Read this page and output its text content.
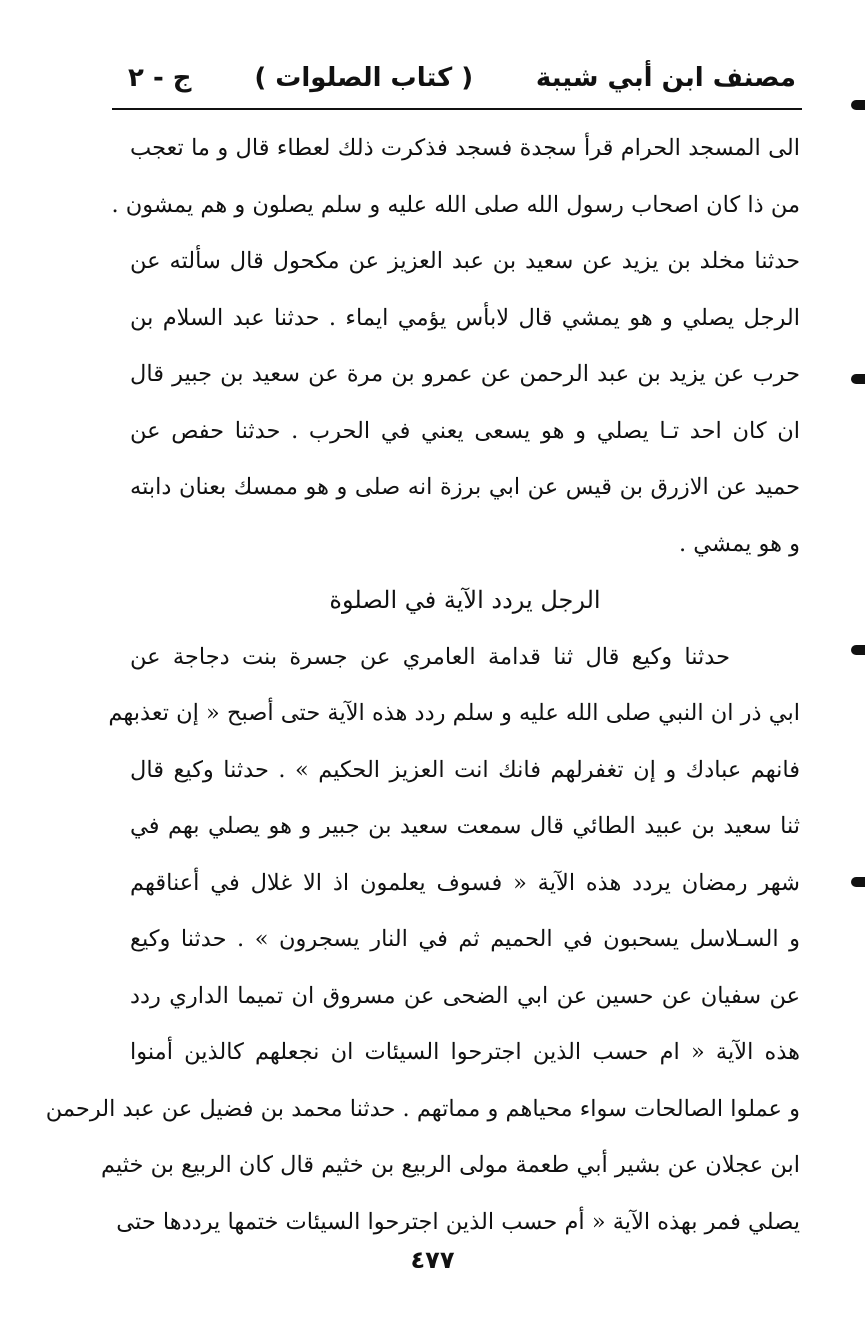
مصنف ابن أبي شيبة
( كتاب الصلوات )
ج - ٢
الى المسجد الحرام قرأ سجدة فسجد فذكرت ذلك لعطاء قال و ما تعجب
من ذا كان اصحاب رسول الله صلى الله عليه و سلم يصلون و هم يمشون .
حدثنا مخلد بن يزيد عن سعيد بن عبد العزيز عن مكحول قال سألته عن
الرجل يصلي و هو يمشي قال لابأس يؤمي ايماء . حدثنا عبد السلام بن
حرب عن يزيد بن عبد الرحمن عن عمرو بن مرة عن سعيد بن جبير قال
ان كان احد تـا يصلي و هو يسعى يعني في الحرب . حدثنا حفص عن
حميد عن الازرق بن قيس عن ابي برزة انه صلى و هو ممسك بعنان دابته
و هو يمشي .
الرجل يردد الآية في الصلوة
حدثنا وكيع قال ثنا قدامة العامري عن جسرة بنت دجاجة عن
ابي ذر ان النبي صلى الله عليه و سلم ردد هذه الآية حتى أصبح « إن تعذبهم
فانهم عبادك و إن تغفرلهم فانك انت العزيز الحكيم » . حدثنا وكيع قال
ثنا سعيد بن عبيد الطائي قال سمعت سعيد بن جبير و هو يصلي بهم في
شهر رمضان يردد هذه الآية « فسوف يعلمون اذ الا غلال في أعناقهم
و السـلاسل يسحبون في الحميم ثم في النار يسجرون » . حدثنا وكيع
عن سفيان عن حسين عن ابي الضحى عن مسروق ان تميما الداري ردد
هذه الآية « ام حسب الذين اجترحوا السيئات ان نجعلهم كالذين أمنوا
و عملوا الصالحات سواء محياهم و مماتهم . حدثنا محمد بن فضيل عن عبد الرحمن
ابن عجلان عن بشير أبي طعمة مولى الربيع بن خثيم قال كان الربيع بن خثيم
يصلي فمر بهذه الآية « أم حسب الذين اجترحوا السيئات ختمها يرددها حتى
٤٧٧
